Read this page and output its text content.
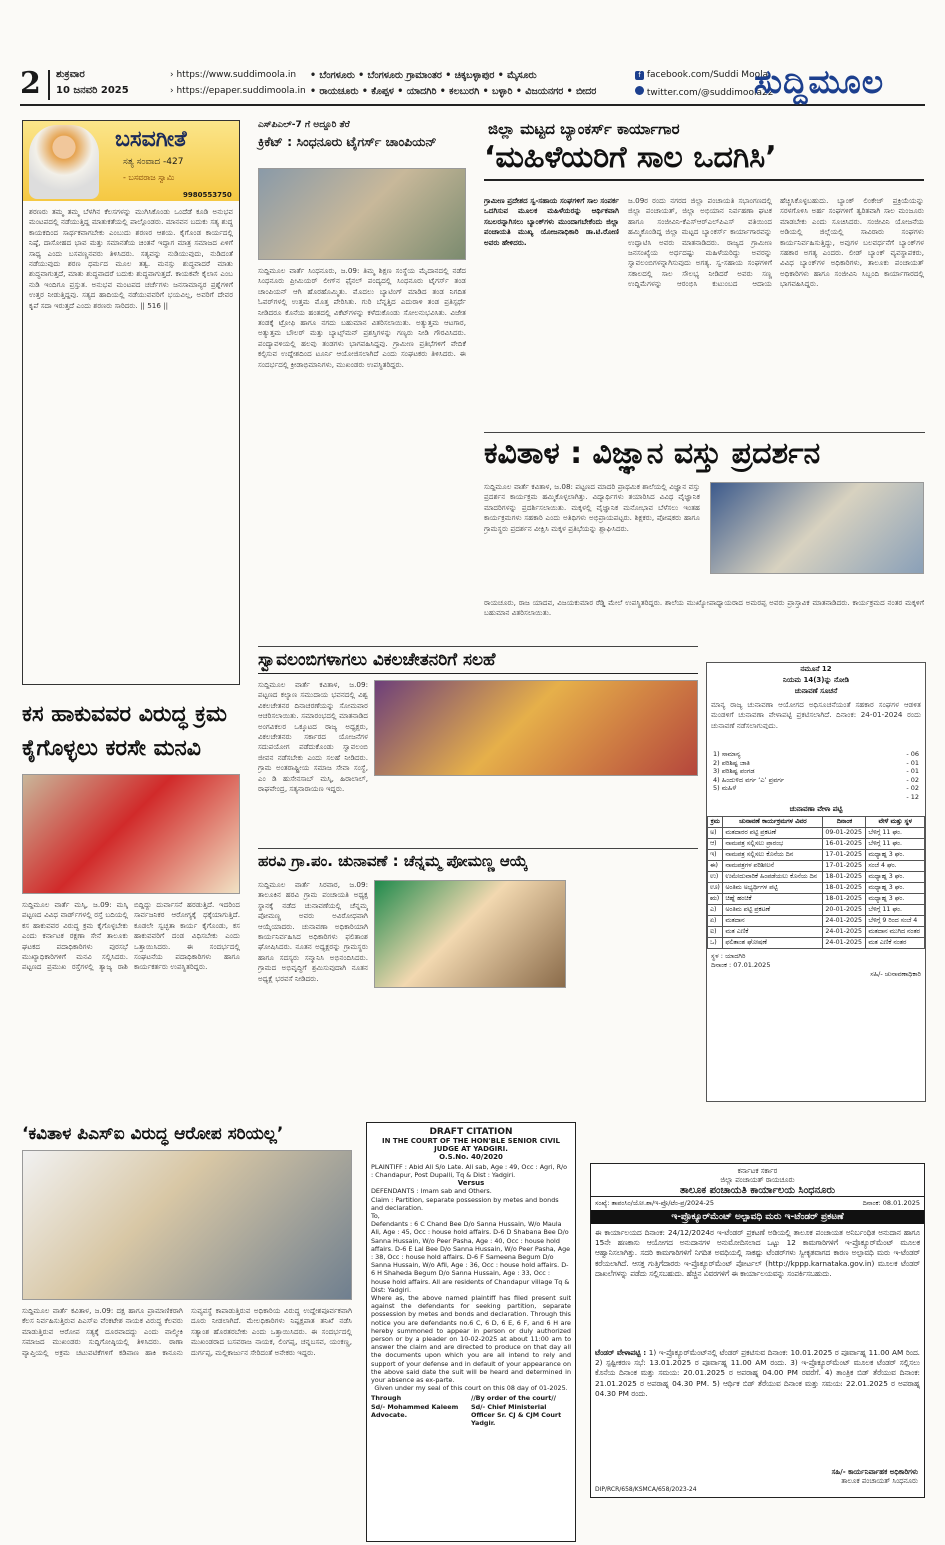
2 ಶುಕ್ರವಾರ
10 ಜನವರಿ 2025
› https://www.suddimoola.in
› https://epaper.suddimoola.in
• ಬೆಂಗಳೂರು • ಬೆಂಗಳೂರು ಗ್ರಾಮಾಂತರ • ಚಿಕ್ಕಬಳ್ಳಾಪುರ • ಮೈಸೂರು
• ರಾಯಚೂರು • ಕೊಪ್ಪಳ • ಯಾದಗಿರಿ • ಕಲಬುರಗಿ • ಬಳ್ಳಾರಿ • ವಿಜಯನಗರ • ಬೀದರ
f facebook.com/Suddi Moola
twitter.com/@suddimoola22
ಸುದ್ದಿಮೂಲ
ಬಸವಗೀತೆ
ಸತ್ಯ ಸಂವಾದ -427
- ಬಸವರಾಜ ಸ್ವಾಮಿ
9980553750
ಶರಣರು ತಮ್ಮ ತಮ್ಮ ಬೆಳಗಿನ ಕೆಲಸಗಳನ್ನು ಮುಗಿಸಿಕೊಂಡು ಒಂದೆಡೆ ಕೂಡಿ ಅನುಭವ ಮಂಟಪದಲ್ಲಿ ನಡೆಯುತ್ತಿದ್ದ ಮಾತುಕತೆಯಲ್ಲಿ ಪಾಲ್ಗೊಂಡರು. ಮಾನವನ ಬದುಕು ಸತ್ಯ ಶುದ್ಧ ಕಾಯಕದಿಂದ ಸಾರ್ಥಕವಾಗಬೇಕು ಎಂಬುದು ಶರಣರ ಆಶಯ. ಕೈಗೊಂಡ ಕಾರ್ಯದಲ್ಲಿ ನಿಷ್ಠೆ, ದಾಸೋಹದ ಭಾವ ಮತ್ತು ಸಮಾನತೆಯ ಚಿಂತನೆ ಇದ್ದಾಗ ಮಾತ್ರ ಸಮಾಜದ ಏಳಿಗೆ ಸಾಧ್ಯ ಎಂದು ಬಸವಣ್ಣನವರು ತಿಳಿಸಿದರು. ಸತ್ಯವನ್ನು ನುಡಿಯುವುದು, ನುಡಿದಂತೆ ನಡೆಯುವುದು ಶರಣ ಧರ್ಮದ ಮೂಲ ತತ್ವ. ಮನಸ್ಸು ಶುದ್ಧವಾದರೆ ಮಾತು ಶುದ್ಧವಾಗುತ್ತದೆ, ಮಾತು ಶುದ್ಧವಾದರೆ ಬದುಕು ಶುದ್ಧವಾಗುತ್ತದೆ. ಕಾಯಕವೇ ಕೈಲಾಸ ಎಂಬ ನುಡಿ ಇಂದಿಗೂ ಪ್ರಸ್ತುತ. ಅನುಭವ ಮಂಟಪದ ಚರ್ಚೆಗಳು ಜನಸಾಮಾನ್ಯರ ಪ್ರಶ್ನೆಗಳಿಗೆ ಉತ್ತರ ನೀಡುತ್ತಿದ್ದವು. ಸತ್ಯದ ಹಾದಿಯಲ್ಲಿ ನಡೆಯುವವರಿಗೆ ಭಯವಿಲ್ಲ, ಅವರಿಗೆ ದೇವರ ಕೃಪೆ ಸದಾ ಇರುತ್ತದೆ ಎಂದು ಶರಣರು ಸಾರಿದರು. || 516 ||
ಎಸ್‌ಪಿಎಲ್-7 ಗೆ ಅದ್ದೂರಿ ತೆರೆ
ಕ್ರಿಕೆಟ್ : ಸಿಂಧನೂರು ಟೈಗರ್ಸ್ ಚಾಂಪಿಯನ್
ಸುದ್ದಿಮೂಲ ವಾರ್ತೆ ಸಿಂಧನೂರು, ಜ.09: ತಿಮ್ಮ ಶಿಕ್ಷಣ ಸಂಸ್ಥೆಯ ಮೈದಾನದಲ್ಲಿ ನಡೆದ ಸಿಂಧನೂರು ಪ್ರೀಮಿಯರ್ ಲೀಗ್‌ನ ಫೈನಲ್ ಪಂದ್ಯದಲ್ಲಿ ಸಿಂಧನೂರು ಟೈಗರ್ಸ್ ತಂಡ ಚಾಂಪಿಯನ್ ಆಗಿ ಹೊರಹೊಮ್ಮಿತು. ಮೊದಲು ಬ್ಯಾಟಿಂಗ್ ಮಾಡಿದ ತಂಡ ನಿಗದಿತ ಓವರ್‌ಗಳಲ್ಲಿ ಉತ್ತಮ ಮೊತ್ತ ಪೇರಿಸಿತು. ಗುರಿ ಬೆನ್ನತ್ತಿದ ಎದುರಾಳಿ ತಂಡ ಪ್ರತಿಸ್ಪರ್ಧೆ ನೀಡಿದರೂ ಕೊನೆಯ ಹಂತದಲ್ಲಿ ವಿಕೆಟ್‌ಗಳನ್ನು ಕಳೆದುಕೊಂಡು ಸೋಲನುಭವಿಸಿತು. ವಿಜೇತ ತಂಡಕ್ಕೆ ಟ್ರೋಫಿ ಹಾಗೂ ನಗದು ಬಹುಮಾನ ವಿತರಿಸಲಾಯಿತು. ಅತ್ಯುತ್ತಮ ಆಟಗಾರ, ಅತ್ಯುತ್ತಮ ಬೌಲರ್ ಮತ್ತು ಬ್ಯಾಟ್ಸ್‌ಮನ್ ಪ್ರಶಸ್ತಿಗಳನ್ನು ಗಣ್ಯರು ನೀಡಿ ಗೌರವಿಸಿದರು. ಪಂದ್ಯಾವಳಿಯಲ್ಲಿ ಹಲವು ತಂಡಗಳು ಭಾಗವಹಿಸಿದ್ದವು. ಗ್ರಾಮೀಣ ಪ್ರತಿಭೆಗಳಿಗೆ ವೇದಿಕೆ ಕಲ್ಪಿಸುವ ಉದ್ದೇಶದಿಂದ ಟೂರ್ನಿ ಆಯೋಜಿಸಲಾಗಿದೆ ಎಂದು ಸಂಘಟಕರು ತಿಳಿಸಿದರು. ಈ ಸಂದರ್ಭದಲ್ಲಿ ಕ್ರೀಡಾಭಿಮಾನಿಗಳು, ಮುಖಂಡರು ಉಪಸ್ಥಿತರಿದ್ದರು.
ಜಿಲ್ಲಾ ಮಟ್ಟದ ಬ್ಯಾಂಕರ್ಸ್ ಕಾರ್ಯಾಗಾರ
‘ಮಹಿಳೆಯರಿಗೆ ಸಾಲ ಒದಗಿಸಿ’
ಗ್ರಾಮೀಣ ಪ್ರದೇಶದ ಸ್ವ-ಸಹಾಯ ಸಂಘಗಳಿಗೆ ಸಾಲ ಸಂಪರ್ಕ ಒದಗಿಸುವ ಮೂಲಕ ಮಹಿಳೆಯರನ್ನು ಆರ್ಥಿಕವಾಗಿ ಸಬಲರನ್ನಾಗಿಸಲು ಬ್ಯಾಂಕ್‌ಗಳು ಮುಂದಾಗಬೇಕೆಂದು ಜಿಲ್ಲಾ ಪಂಚಾಯತಿ ಮುಖ್ಯ ಯೋಜನಾಧಿಕಾರಿ ಡಾ.ಟಿ.ರೋಣಿ ಅವರು ಹೇಳಿದರು.
ಜ.09ರ ರಂದು ನಗರದ ಜಿಲ್ಲಾ ಪಂಚಾಯತಿ ಸಭಾಂಗಣದಲ್ಲಿ ಜಿಲ್ಲಾ ಪಂಚಾಯತ್, ಜಿಲ್ಲಾ ಅಭಿಯಾನ ನಿರ್ವಹಣಾ ಘಟಕ ಹಾಗೂ ಸಂಜೀವಿನಿ-ಕೆಎಸ್‌ಆರ್‌ಎಲ್‌ಪಿಎಸ್ ವತಿಯಿಂದ ಹಮ್ಮಿಕೊಂಡಿದ್ದ ಜಿಲ್ಲಾ ಮಟ್ಟದ ಬ್ಯಾಂಕರ್ಸ್ ಕಾರ್ಯಾಗಾರವನ್ನು ಉದ್ಘಾಟಿಸಿ ಅವರು ಮಾತನಾಡಿದರು. ರಾಜ್ಯದ ಗ್ರಾಮೀಣ ಜನಸಂಖ್ಯೆಯ ಅರ್ಧದಷ್ಟು ಮಹಿಳೆಯರಿದ್ದು ಅವರನ್ನು ಸ್ವಾವಲಂಬಿಗಳನ್ನಾಗಿಸುವುದು ಅಗತ್ಯ. ಸ್ವ-ಸಹಾಯ ಸಂಘಗಳಿಗೆ ಸಕಾಲದಲ್ಲಿ ಸಾಲ ಸೌಲಭ್ಯ ನೀಡಿದರೆ ಅವರು ಸಣ್ಣ ಉದ್ದಿಮೆಗಳನ್ನು ಆರಂಭಿಸಿ ಕುಟುಂಬದ ಆದಾಯ ಹೆಚ್ಚಿಸಿಕೊಳ್ಳಬಹುದು. ಬ್ಯಾಂಕ್ ಲಿಂಕೇಜ್ ಪ್ರಕ್ರಿಯೆಯನ್ನು ಸರಳಗೊಳಿಸಿ ಅರ್ಹ ಸಂಘಗಳಿಗೆ ತ್ವರಿತವಾಗಿ ಸಾಲ ಮಂಜೂರು ಮಾಡಬೇಕು ಎಂದು ಸೂಚಿಸಿದರು. ಸಂಜೀವಿನಿ ಯೋಜನೆಯ ಅಡಿಯಲ್ಲಿ ಜಿಲ್ಲೆಯಲ್ಲಿ ಸಾವಿರಾರು ಸಂಘಗಳು ಕಾರ್ಯನಿರ್ವಹಿಸುತ್ತಿದ್ದು, ಅವುಗಳ ಬಲವರ್ಧನೆಗೆ ಬ್ಯಾಂಕ್‌ಗಳ ಸಹಕಾರ ಅಗತ್ಯ ಎಂದರು. ಲೀಡ್ ಬ್ಯಾಂಕ್ ವ್ಯವಸ್ಥಾಪಕರು, ವಿವಿಧ ಬ್ಯಾಂಕ್‌ಗಳ ಅಧಿಕಾರಿಗಳು, ತಾಲೂಕು ಪಂಚಾಯತ್ ಅಧಿಕಾರಿಗಳು ಹಾಗೂ ಸಂಜೀವಿನಿ ಸಿಬ್ಬಂದಿ ಕಾರ್ಯಾಗಾರದಲ್ಲಿ ಭಾಗವಹಿಸಿದ್ದರು.
ಕವಿತಾಳ : ವಿಜ್ಞಾನ ವಸ್ತು ಪ್ರದರ್ಶನ
ಸುದ್ದಿಮೂಲ ವಾರ್ತೆ ಕವಿತಾಳ, ಜ.08: ಪಟ್ಟಣದ ಮಾದರಿ ಪ್ರಾಥಮಿಕ ಶಾಲೆಯಲ್ಲಿ ವಿಜ್ಞಾನ ವಸ್ತು ಪ್ರದರ್ಶನ ಕಾರ್ಯಕ್ರಮ ಹಮ್ಮಿಕೊಳ್ಳಲಾಗಿತ್ತು. ವಿದ್ಯಾರ್ಥಿಗಳು ತಯಾರಿಸಿದ ವಿವಿಧ ವೈಜ್ಞಾನಿಕ ಮಾದರಿಗಳನ್ನು ಪ್ರದರ್ಶಿಸಲಾಯಿತು. ಮಕ್ಕಳಲ್ಲಿ ವೈಜ್ಞಾನಿಕ ಮನೋಭಾವ ಬೆಳೆಸಲು ಇಂತಹ ಕಾರ್ಯಕ್ರಮಗಳು ಸಹಕಾರಿ ಎಂದು ಅತಿಥಿಗಳು ಅಭಿಪ್ರಾಯಪಟ್ಟರು. ಶಿಕ್ಷಕರು, ಪೋಷಕರು ಹಾಗೂ ಗ್ರಾಮಸ್ಥರು ಪ್ರದರ್ಶನ ವೀಕ್ಷಿಸಿ ಮಕ್ಕಳ ಪ್ರತಿಭೆಯನ್ನು ಶ್ಲಾಘಿಸಿದರು.
ರಾಯಚೂರು, ರಾಜ ಯಾದವ, ವಿಜಯಕುಮಾರ ರೆಡ್ಡಿ ಮೇಲೆ ಉಪಸ್ಥಿತರಿದ್ದರು. ಶಾಲೆಯ ಮುಖ್ಯೋಪಾಧ್ಯಾಯರಾದ ಅಮರಪ್ಪ ಅವರು ಪ್ರಾಸ್ತಾವಿಕ ಮಾತನಾಡಿದರು. ಕಾರ್ಯಕ್ರಮದ ನಂತರ ಮಕ್ಕಳಿಗೆ ಬಹುಮಾನ ವಿತರಿಸಲಾಯಿತು.
ಸ್ವಾವಲಂಬಿಗಳಾಗಲು ವಿಕಲಚೇತನರಿಗೆ ಸಲಹೆ
ಸುದ್ದಿಮೂಲ ವಾರ್ತೆ ಕವಿತಾಳ, ಜ.09: ಪಟ್ಟಣದ ಕಲ್ಯಾಣ ಸಮುದಾಯ ಭವನದಲ್ಲಿ ವಿಶ್ವ ವಿಕಲಚೇತನರ ದಿನಾಚರಣೆಯನ್ನು ಸೋಮವಾರ ಆಚರಿಸಲಾಯಿತು. ಸಮಾರಂಭದಲ್ಲಿ ಮಾತನಾಡಿದ ಅಂಗವಿಕಲರ ಒಕ್ಕೂಟದ ರಾಜ್ಯ ಅಧ್ಯಕ್ಷರು, ವಿಕಲಚೇತನರು ಸರ್ಕಾರದ ಯೋಜನೆಗಳ ಸದುಪಯೋಗ ಪಡೆದುಕೊಂಡು ಸ್ವಾವಲಂಬಿ ಜೀವನ ನಡೆಸಬೇಕು ಎಂದು ಸಲಹೆ ನೀಡಿದರು. ಗ್ರಾಮ ಅಂತರಾಷ್ಟ್ರೀಯ ಸಮಾಜ ಸೇವಾ ಸಂಸ್ಥೆ, ಎಂ ಡಿ ಹುಸೇನಸಾಬ್ ಮಸ್ಕಿ, ಹಿರಾಲಾಲ್, ರಾಘವೇಂದ್ರ, ಸತ್ಯನಾರಾಯಣ ಇದ್ದರು.
ಕಸ ಹಾಕುವವರ ವಿರುದ್ಧ ಕ್ರಮ
ಕೈಗೊಳ್ಳಲು ಕರಸೇ ಮನವಿ
ಸುದ್ದಿಮೂಲ ವಾರ್ತೆ ಮಸ್ಕಿ, ಜ.09: ಮಸ್ಕಿ ಪಟ್ಟಣದ ವಿವಿಧ ವಾರ್ಡ್‌ಗಳಲ್ಲಿ ರಸ್ತೆ ಬದಿಯಲ್ಲಿ ಕಸ ಹಾಕುವವರ ವಿರುದ್ಧ ಕ್ರಮ ಕೈಗೊಳ್ಳಬೇಕು ಎಂದು ಕರ್ನಾಟಕ ರಕ್ಷಣಾ ಸೇನೆ ತಾಲೂಕು ಘಟಕದ ಪದಾಧಿಕಾರಿಗಳು ಪುರಸಭೆ ಮುಖ್ಯಾಧಿಕಾರಿಗಳಿಗೆ ಮನವಿ ಸಲ್ಲಿಸಿದರು. ಪಟ್ಟಣದ ಪ್ರಮುಖ ರಸ್ತೆಗಳಲ್ಲಿ ತ್ಯಾಜ್ಯ ರಾಶಿ ಬಿದ್ದಿದ್ದು ದುರ್ವಾಸನೆ ಹರಡುತ್ತಿದೆ. ಇದರಿಂದ ಸಾರ್ವಜನಿಕರ ಆರೋಗ್ಯಕ್ಕೆ ಧಕ್ಕೆಯಾಗುತ್ತಿದೆ. ಕೂಡಲೇ ಸ್ವಚ್ಛತಾ ಕಾರ್ಯ ಕೈಗೊಂಡು, ಕಸ ಹಾಕುವವರಿಗೆ ದಂಡ ವಿಧಿಸಬೇಕು ಎಂದು ಒತ್ತಾಯಿಸಿದರು. ಈ ಸಂದರ್ಭದಲ್ಲಿ ಸಂಘಟನೆಯ ಪದಾಧಿಕಾರಿಗಳು ಹಾಗೂ ಕಾರ್ಯಕರ್ತರು ಉಪಸ್ಥಿತರಿದ್ದರು.
ಹರವಿ ಗ್ರಾ.ಪಂ. ಚುನಾವಣೆ : ಚೆನ್ನಮ್ಮ ಪೋಮಣ್ಣ ಆಯ್ಕೆ
ಸುದ್ದಿಮೂಲ ವಾರ್ತೆ ಸಿರವಾರ, ಜ.09: ತಾಲೂಕಿನ ಹರವಿ ಗ್ರಾಮ ಪಂಚಾಯತಿ ಅಧ್ಯಕ್ಷ ಸ್ಥಾನಕ್ಕೆ ನಡೆದ ಚುನಾವಣೆಯಲ್ಲಿ ಚೆನ್ನಮ್ಮ ಪೋಮಣ್ಣ ಅವರು ಅವಿರೋಧವಾಗಿ ಆಯ್ಕೆಯಾದರು. ಚುನಾವಣಾ ಅಧಿಕಾರಿಯಾಗಿ ಕಾರ್ಯನಿರ್ವಹಿಸಿದ ಅಧಿಕಾರಿಗಳು ಫಲಿತಾಂಶ ಘೋಷಿಸಿದರು. ನೂತನ ಅಧ್ಯಕ್ಷರನ್ನು ಗ್ರಾಮಸ್ಥರು ಹಾಗೂ ಸದಸ್ಯರು ಸನ್ಮಾನಿಸಿ ಅಭಿನಂದಿಸಿದರು. ಗ್ರಾಮದ ಅಭಿವೃದ್ಧಿಗೆ ಶ್ರಮಿಸುವುದಾಗಿ ನೂತನ ಅಧ್ಯಕ್ಷೆ ಭರವಸೆ ನೀಡಿದರು.
ನಮೂನೆ 12
ನಿಯಮ 14(3)ನ್ನು ನೋಡಿ
ಚುನಾವಣೆ ಸೂಚನೆ
ಮಾನ್ಯ ರಾಜ್ಯ ಚುನಾವಣಾ ಆಯೋಗದ ಅಧಿಸೂಚನೆಯಂತೆ ಸಹಕಾರ ಸಂಘಗಳ ಆಡಳಿತ ಮಂಡಳಿಗೆ ಚುನಾವಣಾ ವೇಳಾಪಟ್ಟಿ ಪ್ರಕಟಿಸಲಾಗಿದೆ. ದಿನಾಂಕ: 24-01-2024 ರಂದು ಚುನಾವಣೆ ನಡೆಸಲಾಗುವುದು.
1) ಸಾಮಾನ್ಯ	- 06
2) ಪರಿಶಿಷ್ಟ ಜಾತಿ	- 01
3) ಪರಿಶಿಷ್ಟ ಪಂಗಡ	- 01
4) ಹಿಂದುಳಿದ ವರ್ಗ ‘ಎ’ ಪ್ರವರ್ಗ	- 02
5) ಮಹಿಳೆ	- 02
- 12
ಚುನಾವಣಾ ವೇಳಾ ಪಟ್ಟಿ
ಕ್ರಮ	ಚುನಾವಣೆ ಕಾರ್ಯಕ್ರಮಗಳ ವಿವರ	ದಿನಾಂಕ	ವೇಳೆ ಮತ್ತು ಸ್ಥಳ
ಅ)	ಮತದಾರರ ಪಟ್ಟಿ ಪ್ರಕಟಣೆ	09-01-2025	ಬೆಳಿಗ್ಗೆ 11 ಘಂ.
ಆ)	ನಾಮಪತ್ರ ಸಲ್ಲಿಸಲು ಪ್ರಾರಂಭ	16-01-2025	ಬೆಳಿಗ್ಗೆ 11 ಘಂ.
ಇ)	ನಾಮಪತ್ರ ಸಲ್ಲಿಸಲು ಕೊನೆಯ ದಿನ	17-01-2025	ಮಧ್ಯಾಹ್ನ 3 ಘಂ.
ಈ)	ನಾಮಪತ್ರಗಳ ಪರಿಶೀಲನೆ	17-01-2025	ಸಂಜೆ 4 ಘಂ.
ಉ)	ಉಮೇದುವಾರಿಕೆ ಹಿಂಪಡೆಯಲು ಕೊನೆಯ ದಿನ	18-01-2025	ಮಧ್ಯಾಹ್ನ 3 ಘಂ.
ಊ)	ಅಂತಿಮ ಅಭ್ಯರ್ಥಿಗಳ ಪಟ್ಟಿ	18-01-2025	ಮಧ್ಯಾಹ್ನ 3 ಘಂ.
ಋ)	ಚಿಹ್ನೆ ಹಂಚಿಕೆ	18-01-2025	ಮಧ್ಯಾಹ್ನ 3 ಘಂ.
ಎ)	ಅಂತಿಮ ಪಟ್ಟಿ ಪ್ರಕಟಣೆ	20-01-2025	ಬೆಳಿಗ್ಗೆ 11 ಘಂ.
ಏ)	ಮತದಾನ	24-01-2025	ಬೆಳಿಗ್ಗೆ 9 ರಿಂದ ಸಂಜೆ 4
ಐ)	ಮತ ಎಣಿಕೆ	24-01-2025	ಮತದಾನ ಮುಗಿದ ನಂತರ
ಒ)	ಫಲಿತಾಂಶ ಘೋಷಣೆ	24-01-2025	ಮತ ಎಣಿಕೆ ನಂತರ
ಸ್ಥಳ : ಯಾದಗಿರಿ
ದಿನಾಂಕ : 07.01.2025
ಸಹಿ/- ಚುನಾವಣಾಧಿಕಾರಿ
‘ಕವಿತಾಳ ಪಿಎಸ್‌ಐ ವಿರುದ್ಧ ಆರೋಪ ಸರಿಯಲ್ಲ’
ಸುದ್ದಿಮೂಲ ವಾರ್ತೆ ಕವಿತಾಳ, ಜ.09: ದಕ್ಷ ಹಾಗೂ ಪ್ರಾಮಾಣಿಕರಾಗಿ ಕೆಲಸ ನಿರ್ವಹಿಸುತ್ತಿರುವ ಪಿಎಸ್‌ಐ ವೆಂಕಟೇಶ ನಾಯಕ ವಿರುದ್ಧ ಕೆಲವರು ಮಾಡುತ್ತಿರುವ ಆರೋಪ ಸತ್ಯಕ್ಕೆ ದೂರವಾದದ್ದು ಎಂದು ವಾಲ್ಮೀಕಿ ಸಮಾಜದ ಮುಖಂಡರು ಸುದ್ದಿಗೋಷ್ಠಿಯಲ್ಲಿ ತಿಳಿಸಿದರು. ಠಾಣಾ ವ್ಯಾಪ್ತಿಯಲ್ಲಿ ಅಕ್ರಮ ಚಟುವಟಿಕೆಗಳಿಗೆ ಕಡಿವಾಣ ಹಾಕಿ ಕಾನೂನು ಸುವ್ಯವಸ್ಥೆ ಕಾಪಾಡುತ್ತಿರುವ ಅಧಿಕಾರಿಯ ವಿರುದ್ಧ ಉದ್ದೇಶಪೂರ್ವಕವಾಗಿ ದೂರು ನೀಡಲಾಗಿದೆ. ಮೇಲಧಿಕಾರಿಗಳು ನಿಷ್ಪಕ್ಷಪಾತ ತನಿಖೆ ನಡೆಸಿ ಸತ್ಯಾಂಶ ಹೊರತರಬೇಕು ಎಂದು ಒತ್ತಾಯಿಸಿದರು. ಈ ಸಂದರ್ಭದಲ್ಲಿ ಮುಖಂಡರಾದ ಬಸವರಾಜ ನಾಯಕ, ಲಿಂಗಪ್ಪ, ಚನ್ನಬಸವ, ಯಂಕಣ್ಣ, ದುರ್ಗಪ್ಪ, ಮಲ್ಲಿಕಾರ್ಜುನ ಸೇರಿದಂತೆ ಅನೇಕರು ಇದ್ದರು.
DRAFT CITATION
IN THE COURT OF THE HON'BLE SENIOR CIVIL JUDGE AT YADGIRI.
O.S.No. 40/2020
PLAINTIFF : Abid Ali S/o Late. Ali sab, Age : 49, Occ : Agri, R/o : Chandapur, Post Dupalli, Tq & Dist : Yadgiri.
Versus
DEFENDANTS : Imam sab and Others.
Claim : Partition, separate possession by metes and bonds and declaration.
To,
Defendants : 6 C Chand Bee D/o Sanna Hussain, W/o Maula Ali, Age : 45, Occ : house hold affairs. D-6 D Shabana Bee D/o Sanna Hussain, W/o Peer Pasha, Age : 40, Occ : house hold affairs. D-6 E Lal Bee D/o Sanna Hussain, W/o Peer Pasha, Age : 38, Occ : house hold affairs. D-6 F Sameena Begum D/o Sanna Hussain, W/o Afil, Age : 36, Occ : house hold affairs. D-6 H Shaheda Begum D/o Sanna Hussain, Age : 33, Occ : house hold affairs. All are residents of Chandapur village Tq & Dist: Yadgiri.
Where as, the above named plaintiff has filed present suit against the defendants for seeking partition, separate possession by metes and bonds and declaration. Through this notice you are defendants no.6 C, 6 D, 6 E, 6 F, and 6 H are hereby summoned to appear in person or duly authorized person or by a pleader on 10-02-2025 at about 11:00 am to answer the claim and are directed to produce on that day all the documents upon which you are all intend to rely and support of your defense and in default of your appearance on the above said date the suit will be heard and determined in your absence as ex-parte.
Given under my seal of this court on this 08 day of 01-2025.
Through
Sd/- Mohammed Kaleem Advocate.
//By order of the court// Sd/- Chief Ministerial Officer Sr. CJ & CJM Court Yadgir.
ಕರ್ನಾಟಕ ಸರ್ಕಾರ
ಜಿಲ್ಲಾ ಪಂಚಾಯತ್ ರಾಯಚೂರು
ತಾಲೂಕ ಪಂಚಾಯತಿ ಕಾರ್ಯಾಲಯ ಸಿಂಧನೂರು
ಸಂಖ್ಯೆ: ತಾಪಂಸಿಂ/ಯೋ.ಶಾ/ಇ-ಪ್ರೊ/ಟೆಂ-ಪ್ರ/2024-25	ದಿನಾಂಕ: 08.01.2025
ಇ-ಪ್ರೊಕ್ಯೂರ್‌ಮೆಂಟ್ ಅಲ್ಪಾವಧಿ ಮರು ಇ-ಟೆಂಡರ್ ಪ್ರಕಟಣೆ
ಈ ಕಾರ್ಯಾಲಯದ ದಿನಾಂಕ: 24/12/2024ರ ಇ-ಟೆಂಡರ್ ಪ್ರಕಟಣೆ ಅಡಿಯಲ್ಲಿ ತಾಲೂಕ ಪಂಚಾಯತ ಅನಿರ್ಬಂಧಿತ ಅನುದಾನ ಹಾಗೂ 15ನೇ ಹಣಕಾಸು ಆಯೋಗದ ಅನುದಾನಗಳ ಅನುಮೋದಿಸಲಾದ ಒಟ್ಟು 12 ಕಾಮಗಾರಿಗಳಿಗೆ ಇ-ಪ್ರೊಕ್ಯೂರ್‌ಮೆಂಟ್ ಮೂಲಕ ಆಹ್ವಾನಿಸಲಾಗಿತ್ತು. ಸದರಿ ಕಾಮಗಾರಿಗಳಿಗೆ ನಿಗದಿತ ಅವಧಿಯಲ್ಲಿ ಸಾಕಷ್ಟು ಟೆಂಡರ್‌ಗಳು ಸ್ವೀಕೃತವಾಗದ ಕಾರಣ ಅಲ್ಪಾವಧಿ ಮರು ಇ-ಟೆಂಡರ್ ಕರೆಯಲಾಗಿದೆ. ಆಸಕ್ತ ಗುತ್ತಿಗೆದಾರರು ಇ-ಪ್ರೊಕ್ಯೂರ್‌ಮೆಂಟ್ ಪೋರ್ಟಲ್ (http://kppp.karnataka.gov.in) ಮೂಲಕ ಟೆಂಡರ್ ದಾಖಲೆಗಳನ್ನು ಪಡೆದು ಸಲ್ಲಿಸಬಹುದು. ಹೆಚ್ಚಿನ ವಿವರಗಳಿಗೆ ಈ ಕಾರ್ಯಾಲಯವನ್ನು ಸಂಪರ್ಕಿಸಬಹುದು.
ಟೆಂಡರ್ ವೇಳಾಪಟ್ಟಿ : 1) ಇ-ಪ್ರೊಕ್ಯೂರ್‌ಮೆಂಟ್‌ನಲ್ಲಿ ಟೆಂಡರ್ ಪ್ರಕಟಿಸುವ ದಿನಾಂಕ: 10.01.2025 ರ ಪೂರ್ವಾಹ್ನ 11.00 AM ರಿಂದ. 2) ಸ್ಪಷ್ಟೀಕರಣ ಸಭೆ: 13.01.2025 ರ ಪೂರ್ವಾಹ್ನ 11.00 AM ರಂದು. 3) ಇ-ಪ್ರೊಕ್ಯೂರ್‌ಮೆಂಟ್ ಮೂಲಕ ಟೆಂಡರ್ ಸಲ್ಲಿಸಲು ಕೊನೆಯ ದಿನಾಂಕ ಮತ್ತು ಸಮಯ: 20.01.2025 ರ ಅಪರಾಹ್ನ 04.00 PM ರವರೆಗೆ. 4) ತಾಂತ್ರಿಕ ಬಿಡ್ ತೆರೆಯುವ ದಿನಾಂಕ: 21.01.2025 ರ ಅಪರಾಹ್ನ 04.30 PM. 5) ಆರ್ಥಿಕ ಬಿಡ್ ತೆರೆಯುವ ದಿನಾಂಕ ಮತ್ತು ಸಮಯ: 22.01.2025 ರ ಅಪರಾಹ್ನ 04.30 PM ರಂದು.
ಸಹಿ/- ಕಾರ್ಯನಿರ್ವಾಹಕ ಅಧಿಕಾರಿಗಳು
ತಾಲೂಕ ಪಂಚಾಯತ್ ಸಿಂಧನೂರು
DIP/RCR/658/KSMCA/658/2023-24
